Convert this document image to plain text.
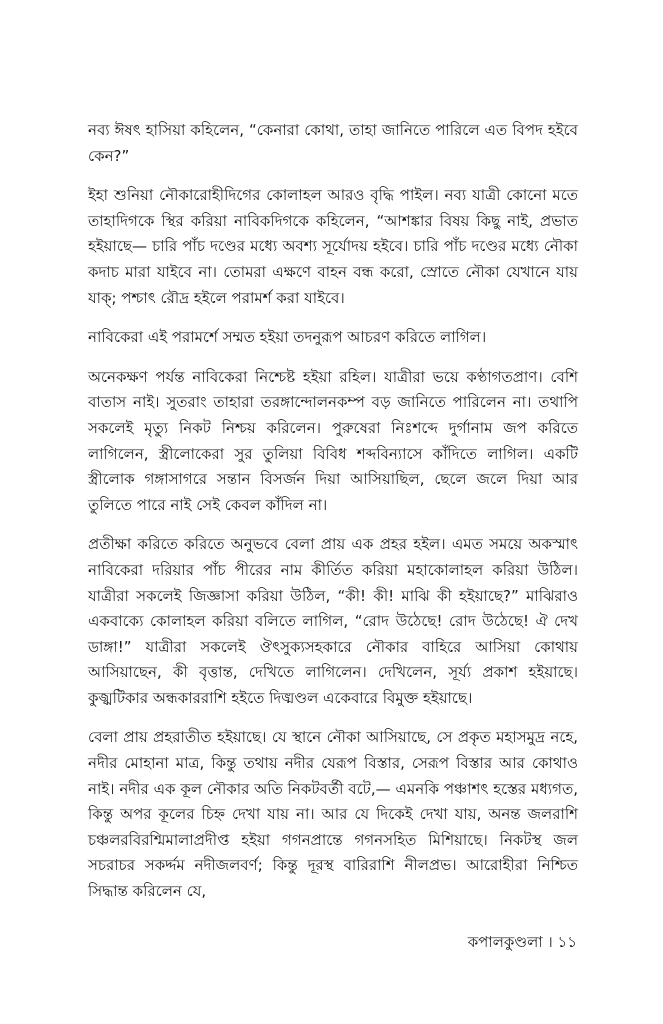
নব্য ঈষৎ হাসিয়া কহিলেন, “কেনারা কোথা, তাহা জানিতে পারিলে এত বিপদ হইবে কেন?”

ইহা শুনিয়া নৌকারোহীদিগের কোলাহল আরও বৃদ্ধি পাইল। নব্য যাত্রী কোনো মতে তাহাদিগকে স্থির করিয়া নাবিকদিগকে কহিলেন, “আশঙ্কার বিষয় কিছু নাই, প্রভাত হইয়াছে— চারি পাঁচ দণ্ডের মধ্যে অবশ্য সূর্যোদয় হইবে। চারি পাঁচ দণ্ডের মধ্যে নৌকা কদাচ মারা যাইবে না। তোমরা এক্ষণে বাহন বন্ধ করো, স্রোতে নৌকা যেখানে যায় যাক্; পশ্চাৎ রৌদ্র হইলে পরামর্শ করা যাইবে।

নাবিকেরা এই পরামর্শে সম্মত হইয়া তদনুরূপ আচরণ করিতে লাগিল।

অনেকক্ষণ পর্যন্ত নাবিকেরা নিশ্চেষ্ট হইয়া রহিল। যাত্রীরা ভয়ে কণ্ঠাগতপ্রাণ। বেশি বাতাস নাই। সুতরাং তাহারা তরঙ্গান্দোলনকম্প বড় জানিতে পারিলেন না। তথাপি সকলেই মৃত্যু নিকট নিশ্চয় করিলেন। পুরুষেরা নিঃশব্দে দুর্গানাম জপ করিতে লাগিলেন, স্ত্রীলোকেরা সুর তুলিয়া বিবিধ শব্দবিন্যাসে কাঁদিতে লাগিল। একটি স্ত্রীলোক গঙ্গাসাগরে সন্তান বিসর্জন দিয়া আসিয়াছিল, ছেলে জলে দিয়া আর তুলিতে পারে নাই সেই কেবল কাঁদিল না।

প্রতীক্ষা করিতে করিতে অনুভবে বেলা প্রায় এক প্রহর হইল। এমত সময়ে অকস্মাৎ নাবিকেরা দরিয়ার পাঁচ পীরের নাম কীর্তিত করিয়া মহাকোলাহল করিয়া উঠিল। যাত্রীরা সকলেই জিজ্ঞাসা করিয়া উঠিল, “কী! কী! মাঝি কী হইয়াছে?” মাঝিরাও একবাক্যে কোলাহল করিয়া বলিতে লাগিল, “রোদ উঠেছে! রোদ উঠেছে! ঐ দেখ ডাঙ্গা!” যাত্রীরা সকলেই ঔৎসুক্যসহকারে নৌকার বাহিরে আসিয়া কোথায় আসিয়াছেন, কী বৃত্তান্ত, দেখিতে লাগিলেন। দেখিলেন, সূর্য্য প্রকাশ হইয়াছে। কুজ্ঝটিকার অন্ধকাররাশি হইতে দিঙ্মণ্ডল একেবারে বিমুক্ত হইয়াছে।

বেলা প্রায় প্রহরাতীত হইয়াছে। যে স্থানে নৌকা আসিয়াছে, সে প্রকৃত মহাসমুদ্র নহে, নদীর মোহানা মাত্র, কিন্তু তথায় নদীর যেরূপ বিস্তার, সেরূপ বিস্তার আর কোথাও নাই। নদীর এক কূল নৌকার অতি নিকটবর্তী বটে,— এমনকি পঞ্চাশৎ হস্তের মধ্যগত, কিন্তু অপর কূলের চিহ্ন দেখা যায় না। আর যে দিকেই দেখা যায়, অনন্ত জলরাশি চঞ্চলরবিরশ্মিমালাপ্রদীপ্ত হইয়া গগনপ্রান্তে গগনসহিত মিশিয়াছে। নিকটস্থ জল সচরাচর সকর্দ্দম নদীজলবর্ণ; কিন্তু দূরস্থ বারিরাশি নীলপ্রভ। আরোহীরা নিশ্চিত সিদ্ধান্ত করিলেন যে,

কপালকুণ্ডলা । ১১
